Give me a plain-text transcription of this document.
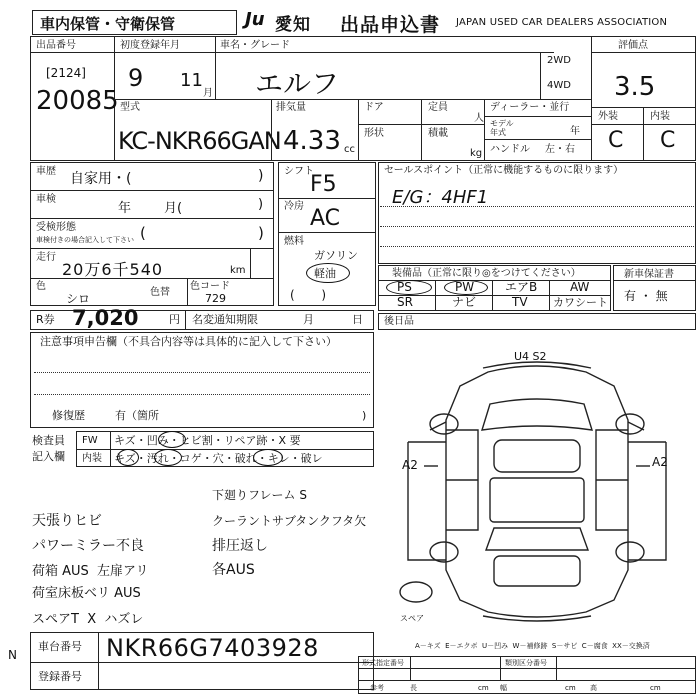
車内保管・守衛保管	Ju 愛知 出品申込書 JAPAN USED CAR DEALERS ASSOCIATION
出品番号
[2124]
20085
初度登録年月
9 11
月
車名・グレード
エルフ
2WD
4WD
評価点
3.5
外装	内装
C C
型式
KC-NKR66GAN
排気量
4.33 cc
ドア	定員
人
形状	積載
kg
ディーラー・並行
モデル
年式	年
ハンドル 左・右
車歴 自家用・(	)
車検
年        月(	)
受検形態
車検付きの場合記入して下さい (	)
走行
20万6千540	km
色
シロ	色替
色コード
729
シフト
F5
冷房 AC
燃料
ガソリン
軽油
(       )
セールスポイント（正常に機能するものに限ります）
E/G：4HF1
装備品（正常に限り◎をつけてください）
PS	PW	エアB	AW
SR	ナビ	TV カワシート
新車保証書
有 ・ 無
R券 7,020	円 名変通知期限	月	日 後日品
注意事項申告欄（不具合内容等は具体的に記入して下さい）
修復歴	有（箇所	)
検査員
記入欄
FW キズ・凹み・ヒビ割・リペア跡・X 要
内装 キズ・汚れ・コゲ・穴・破れ・キレ・破レ
天張りヒビ
パワーミラー不良
荷箱 AUS  左扉アリ
荷室床板ベリ AUS
スペアT  X  ハズレ
下廻りフレーム S
クーラントサブタンクフタ欠
排圧返し
各AUS
U4 S2
A2	A2
スペア
A－キズ  E－エクボ  U－凹み  W－補修跡  S－サビ  C－腐食  XX－交換済
N
車台番号 NKR66G7403928
登録番号
形式指定番号	類別区分番号
参考	長	cm 幅	cm 高	cm
